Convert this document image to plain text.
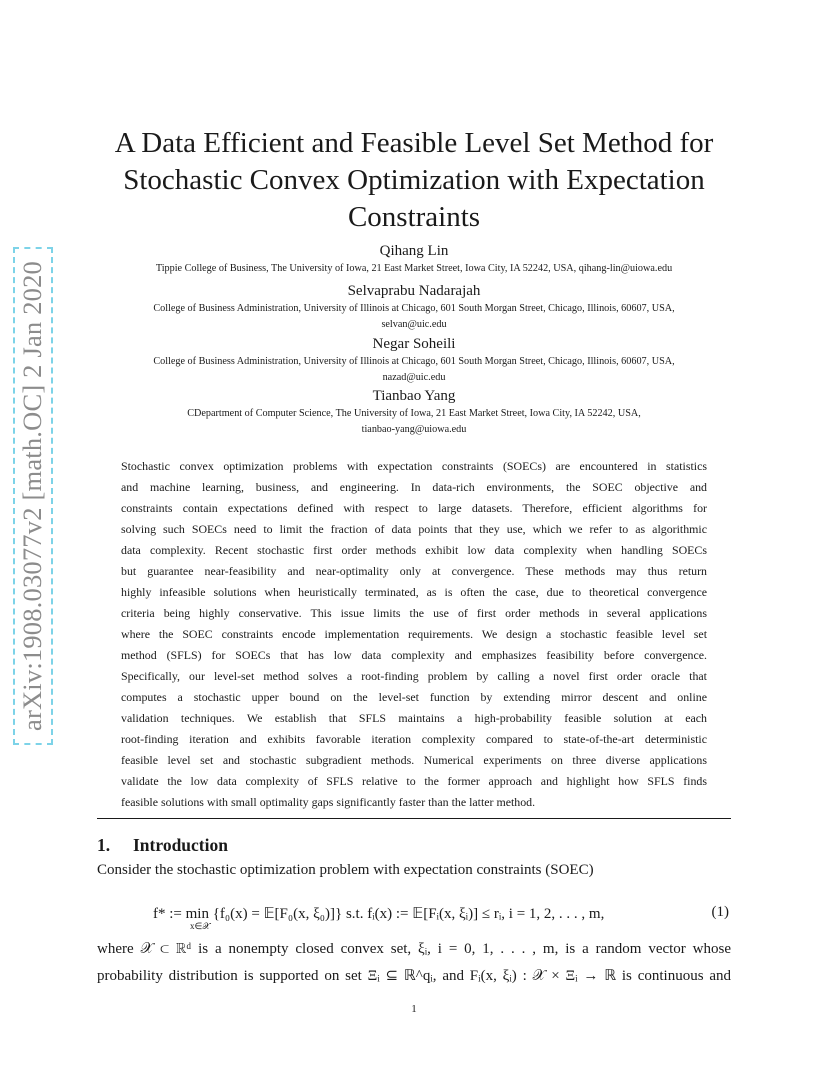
arXiv:1908.03077v2 [math.OC] 2 Jan 2020
A Data Efficient and Feasible Level Set Method for
Stochastic Convex Optimization with Expectation
Constraints
Qihang Lin
Tippie College of Business, The University of Iowa, 21 East Market Street, Iowa City, IA 52242, USA, qihang-lin@uiowa.edu
Selvaprabu Nadarajah
College of Business Administration, University of Illinois at Chicago, 601 South Morgan Street, Chicago, Illinois, 60607, USA,
selvan@uic.edu
Negar Soheili
College of Business Administration, University of Illinois at Chicago, 601 South Morgan Street, Chicago, Illinois, 60607, USA,
nazad@uic.edu
Tianbao Yang
CDepartment of Computer Science, The University of Iowa, 21 East Market Street, Iowa City, IA 52242, USA,
tianbao-yang@uiowa.edu
Stochastic convex optimization problems with expectation constraints (SOECs) are encountered in statistics
and machine learning, business, and engineering. In data-rich environments, the SOEC objective and
constraints contain expectations defined with respect to large datasets. Therefore, efficient algorithms for
solving such SOECs need to limit the fraction of data points that they use, which we refer to as algorithmic
data complexity. Recent stochastic first order methods exhibit low data complexity when handling SOECs
but guarantee near-feasibility and near-optimality only at convergence. These methods may thus return
highly infeasible solutions when heuristically terminated, as is often the case, due to theoretical convergence
criteria being highly conservative. This issue limits the use of first order methods in several applications
where the SOEC constraints encode implementation requirements. We design a stochastic feasible level set
method (SFLS) for SOECs that has low data complexity and emphasizes feasibility before convergence.
Specifically, our level-set method solves a root-finding problem by calling a novel first order oracle that
computes a stochastic upper bound on the level-set function by extending mirror descent and online
validation techniques. We establish that SFLS maintains a high-probability feasible solution at each
root-finding iteration and exhibits favorable iteration complexity compared to state-of-the-art deterministic
feasible level set and stochastic subgradient methods. Numerical experiments on three diverse applications
validate the low data complexity of SFLS relative to the former approach and highlight how SFLS finds
feasible solutions with small optimality gaps significantly faster than the latter method.
1. Introduction
Consider the stochastic optimization problem with expectation constraints (SOEC)
f* := min {f₀(x) = 𝔼[F₀(x, ξ₀)]} s.t. fᵢ(x) := 𝔼[Fᵢ(x, ξᵢ)] ≤ rᵢ, i = 1, 2, . . . , m,
x∈𝒳
(1)
where 𝒳 ⊂ ℝᵈ is a nonempty closed convex set, ξᵢ, i = 0, 1, . . . , m, is a random vector whose
probability distribution is supported on set Ξᵢ ⊆ ℝ^qᵢ, and Fᵢ(x, ξᵢ) : 𝒳 × Ξᵢ → ℝ is continuous and
1
